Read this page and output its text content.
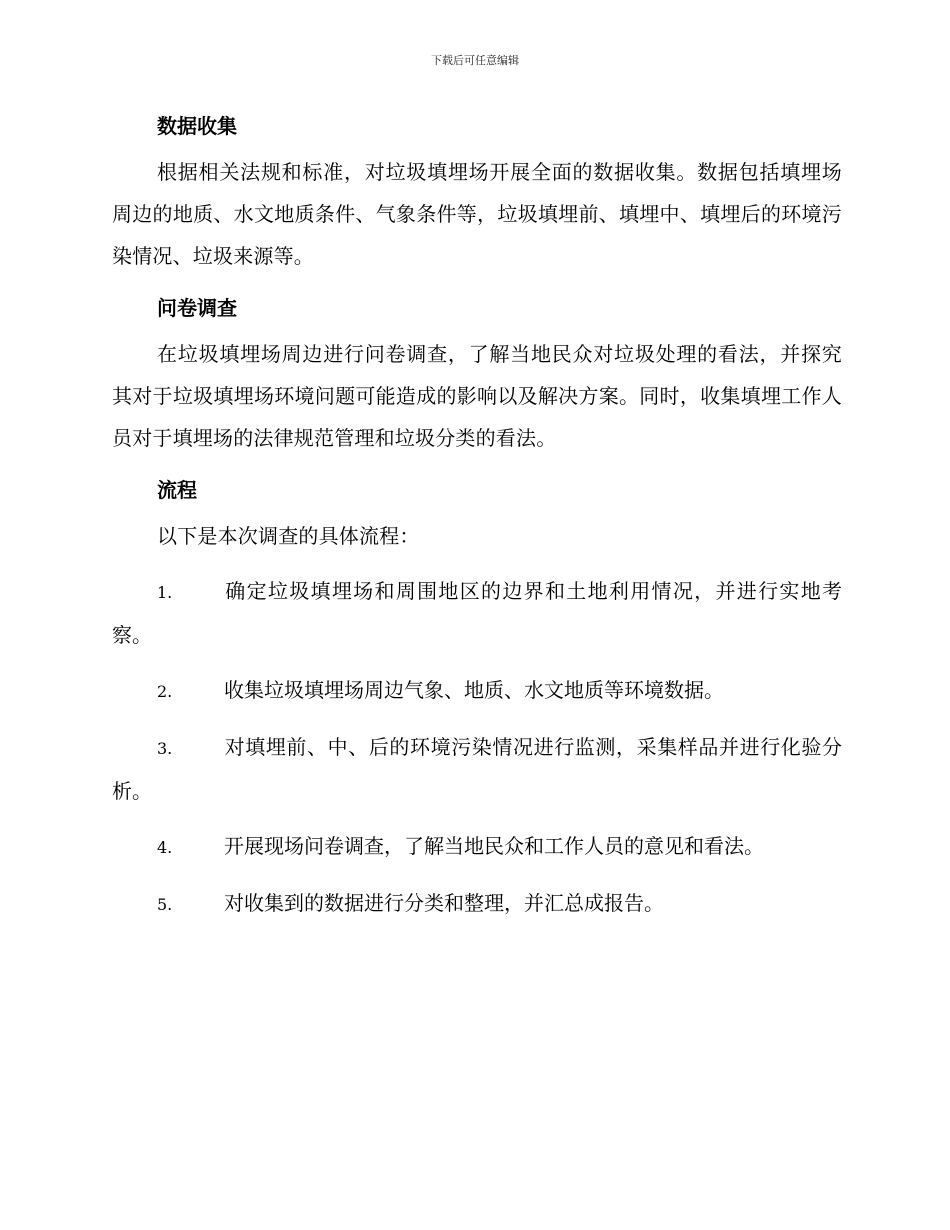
下载后可任意编辑
数据收集

根据相关法规和标准，对垃圾填埋场开展全面的数据收集。数据包括填埋场周边的地质、水文地质条件、气象条件等，垃圾填埋前、填埋中、填埋后的环境污染情况、垃圾来源等。

问卷调查

在垃圾填埋场周边进行问卷调查，了解当地民众对垃圾处理的看法，并探究其对于垃圾填埋场环境问题可能造成的影响以及解决方案。同时，收集填埋工作人员对于填埋场的法律规范管理和垃圾分类的看法。

流程

以下是本次调查的具体流程：

1.	确定垃圾填埋场和周围地区的边界和土地利用情况，并进行实地考察。
2.	收集垃圾填埋场周边气象、地质、水文地质等环境数据。
3.	对填埋前、中、后的环境污染情况进行监测，采集样品并进行化验分析。
4.	开展现场问卷调查，了解当地民众和工作人员的意见和看法。
5.	对收集到的数据进行分类和整理，并汇总成报告。
